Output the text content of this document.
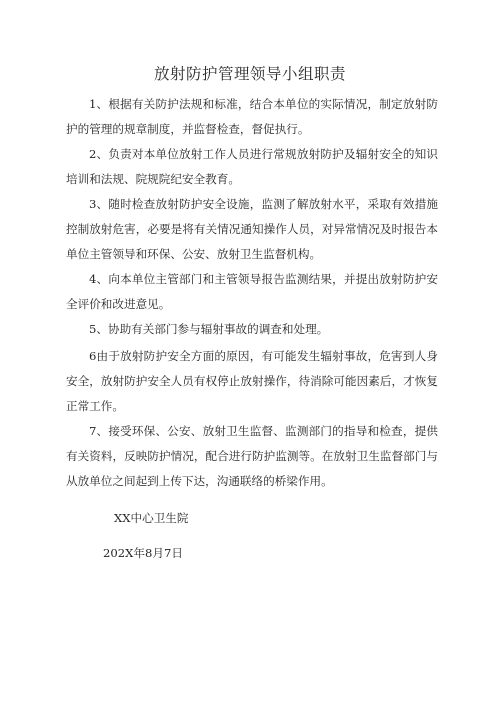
放射防护管理领导小组职责
1、根据有关防护法规和标准，结合本单位的实际情况，制定放射防护的管理的规章制度，并监督检查，督促执行。
2、负责对本单位放射工作人员进行常规放射防护及辐射安全的知识培训和法规、院规院纪安全教育。
3、随时检查放射防护安全设施，监测了解放射水平，采取有效措施控制放射危害，必要是将有关情况通知操作人员，对异常情况及时报告本单位主管领导和环保、公安、放射卫生监督机构。
4、向本单位主管部门和主管领导报告监测结果，并提出放射防护安全评价和改进意见。
5、协助有关部门参与辐射事故的调查和处理。
6由于放射防护安全方面的原因，有可能发生辐射事故，危害到人身安全，放射防护安全人员有权停止放射操作，待消除可能因素后，才恢复正常工作。
7、接受环保、公安、放射卫生监督、监测部门的指导和检查，提供有关资料，反映防护情况，配合进行防护监测等。在放射卫生监督部门与从放单位之间起到上传下达，沟通联络的桥梁作用。
XX中心卫生院
202X年8月7日
